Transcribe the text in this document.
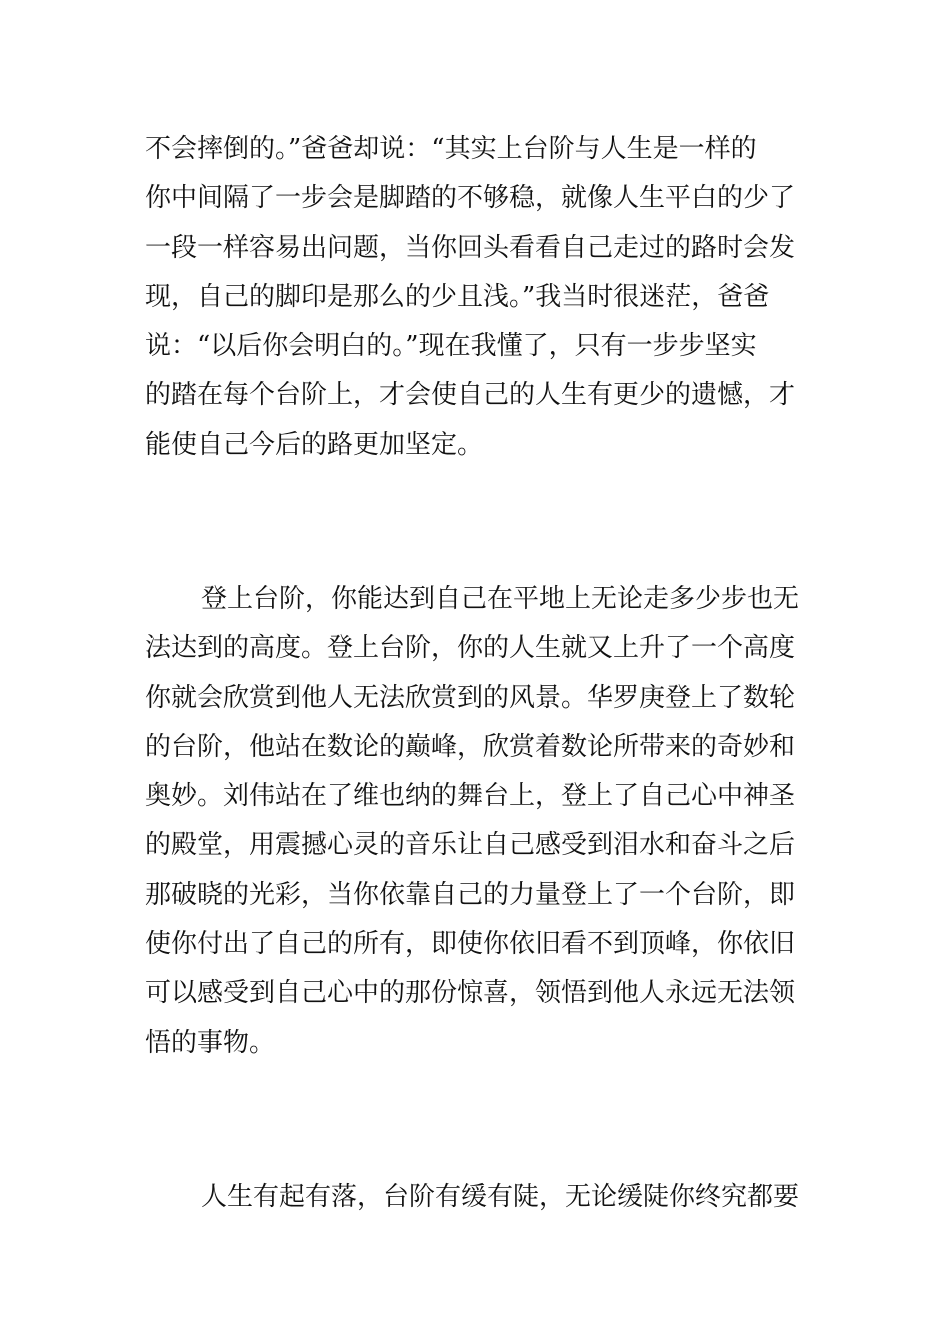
不会摔倒的。”爸爸却说：“其实上台阶与人生是一样的
你中间隔了一步会是脚踏的不够稳，就像人生平白的少了
一段一样容易出问题，当你回头看看自己走过的路时会发
现，自己的脚印是那么的少且浅。”我当时很迷茫，爸爸
说：“以后你会明白的。”现在我懂了，只有一步步坚实
的踏在每个台阶上，才会使自己的人生有更少的遗憾，才
能使自己今后的路更加坚定。
登上台阶，你能达到自己在平地上无论走多少步也无
法达到的高度。登上台阶，你的人生就又上升了一个高度
你就会欣赏到他人无法欣赏到的风景。华罗庚登上了数轮
的台阶，他站在数论的巅峰，欣赏着数论所带来的奇妙和
奥妙。刘伟站在了维也纳的舞台上，登上了自己心中神圣
的殿堂，用震撼心灵的音乐让自己感受到泪水和奋斗之后
那破晓的光彩，当你依靠自己的力量登上了一个台阶，即
使你付出了自己的所有，即使你依旧看不到顶峰，你依旧
可以感受到自己心中的那份惊喜，领悟到他人永远无法领
悟的事物。
人生有起有落，台阶有缓有陡，无论缓陡你终究都要
